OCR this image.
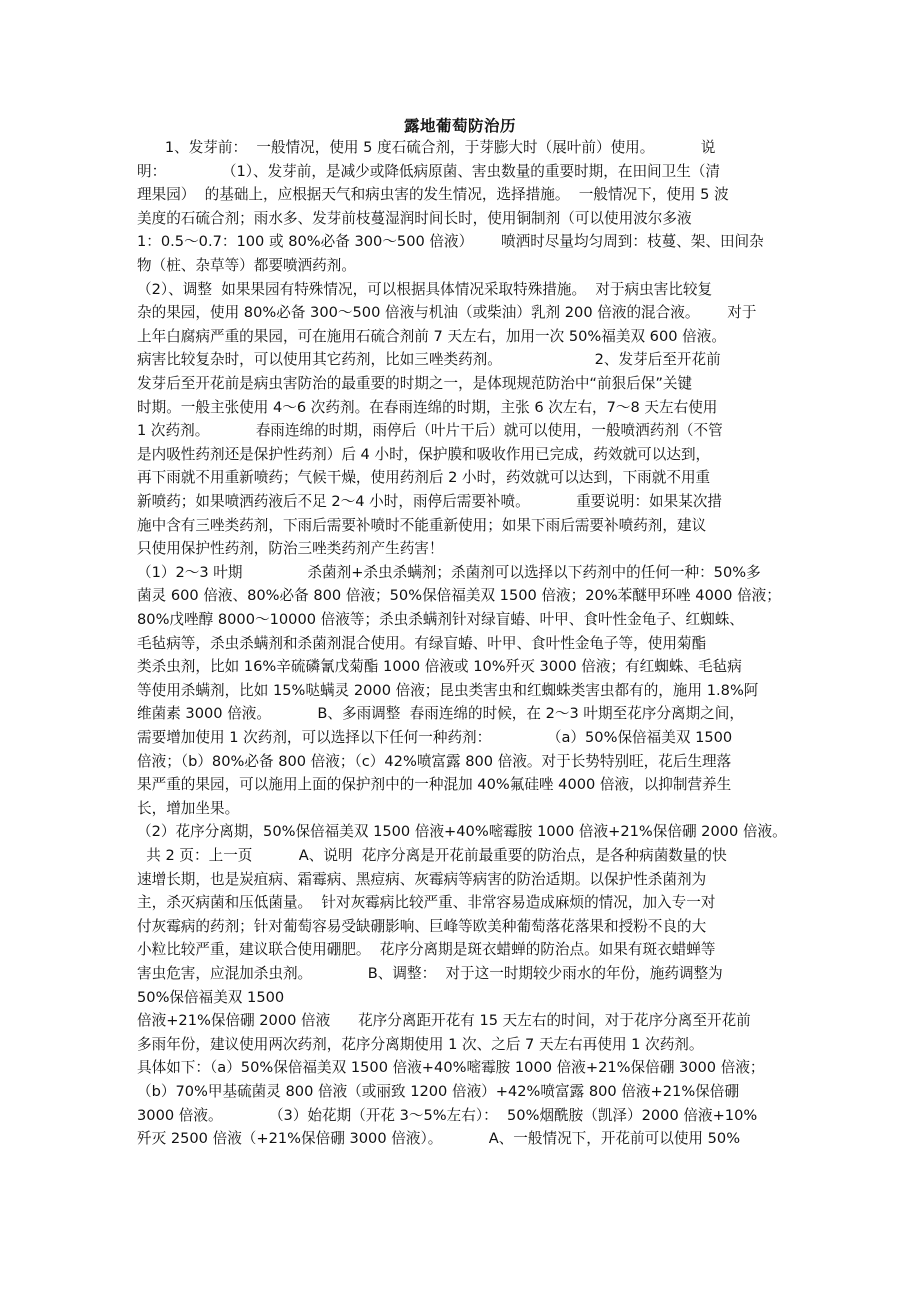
露地葡萄防治历
1、发芽前：  一般情况，使用 5 度石硫合剂，于芽膨大时（展叶前）使用。          说
明：            （1）、发芽前，是减少或降低病原菌、害虫数量的重要时期，在田间卫生（清
理果园）  的基础上，应根据天气和病虫害的发生情况，选择措施。  一般情况下，使用 5 波
美度的石硫合剂；雨水多、发芽前枝蔓湿润时间长时，使用铜制剂（可以使用波尔多液
1：0.5～0.7：100 或 80%必备 300～500 倍液）      喷洒时尽量均匀周到：枝蔓、架、田间杂
物（桩、杂草等）都要喷洒药剂。
（2）、调整  如果果园有特殊情况，可以根据具体情况采取特殊措施。  对于病虫害比较复
杂的果园，使用 80%必备 300～500 倍液与机油（或柴油）乳剂 200 倍液的混合液。      对于
上年白腐病严重的果园，可在施用石硫合剂前 7 天左右，加用一次 50%福美双 600 倍液。
病害比较复杂时，可以使用其它药剂，比如三唑类药剂。                    2、发芽后至开花前
发芽后至开花前是病虫害防治的最重要的时期之一，是体现规范防治中“前狠后保”关键
时期。一般主张使用 4～6 次药剂。在春雨连绵的时期，主张 6 次左右，7～8 天左右使用
1 次药剂。          春雨连绵的时期，雨停后（叶片干后）就可以使用，一般喷洒药剂（不管
是内吸性药剂还是保护性药剂）后 4 小时，保护膜和吸收作用已完成，药效就可以达到，
再下雨就不用重新喷药；气候干燥，使用药剂后 2 小时，药效就可以达到，下雨就不用重
新喷药；如果喷洒药液后不足 2～4 小时，雨停后需要补喷。          重要说明：如果某次措
施中含有三唑类药剂，下雨后需要补喷时不能重新使用；如果下雨后需要补喷药剂，建议
只使用保护性药剂，防治三唑类药剂产生药害！
（1）2～3 叶期              杀菌剂+杀虫杀螨剂；杀菌剂可以选择以下药剂中的任何一种：50%多
菌灵 600 倍液、80%必备 800 倍液；50%保倍福美双 1500 倍液；20%苯醚甲环唑 4000 倍液；
80%戊唑醇 8000～10000 倍液等；杀虫杀螨剂针对绿盲蝽、叶甲、食叶性金龟子、红蜘蛛、
毛毡病等，杀虫杀螨剂和杀菌剂混合使用。有绿盲蝽、叶甲、食叶性金龟子等，使用菊酯
类杀虫剂，比如 16%辛硫磷氰戊菊酯 1000 倍液或 10%歼灭 3000 倍液；有红蜘蛛、毛毡病
等使用杀螨剂，比如 15%哒螨灵 2000 倍液；昆虫类害虫和红蜘蛛类害虫都有的，施用 1.8%阿
维菌素 3000 倍液。          B、多雨调整  春雨连绵的时候，在 2～3 叶期至花序分离期之间，
需要增加使用 1 次药剂，可以选择以下任何一种药剂：            （a）50%保倍福美双 1500
倍液；（b）80%必备 800 倍液；（c）42%喷富露 800 倍液。对于长势特别旺，花后生理落
果严重的果园，可以施用上面的保护剂中的一种混加 40%氟硅唑 4000 倍液，以抑制营养生
长，增加坐果。
（2）花序分离期，50%保倍福美双 1500 倍液+40%嘧霉胺 1000 倍液+21%保倍硼 2000 倍液。
共 2 页：上一页          A、说明  花序分离是开花前最重要的防治点，是各种病菌数量的快
速增长期，也是炭疽病、霜霉病、黑痘病、灰霉病等病害的防治适期。以保护性杀菌剂为
主，杀灭病菌和压低菌量。  针对灰霉病比较严重、非常容易造成麻烦的情况，加入专一对
付灰霉病的药剂；针对葡萄容易受缺硼影响、巨峰等欧美种葡萄落花落果和授粉不良的大
小粒比较严重，建议联合使用硼肥。  花序分离期是斑衣蜡蝉的防治点。如果有斑衣蜡蝉等
害虫危害，应混加杀虫剂。            B、调整：  对于这一时期较少雨水的年份，施药调整为
50%保倍福美双 1500
倍液+21%保倍硼 2000 倍液      花序分离距开花有 15 天左右的时间，对于花序分离至开花前
多雨年份，建议使用两次药剂，花序分离期使用 1 次、之后 7 天左右再使用 1 次药剂。
具体如下：（a）50%保倍福美双 1500 倍液+40%嘧霉胺 1000 倍液+21%保倍硼 3000 倍液；
（b）70%甲基硫菌灵 800 倍液（或丽致 1200 倍液）+42%喷富露 800 倍液+21%保倍硼
3000 倍液。          （3）始花期（开花 3～5%左右）：  50%烟酰胺（凯泽）2000 倍液+10%
歼灭 2500 倍液（+21%保倍硼 3000 倍液）。          A、一般情况下，开花前可以使用 50%
